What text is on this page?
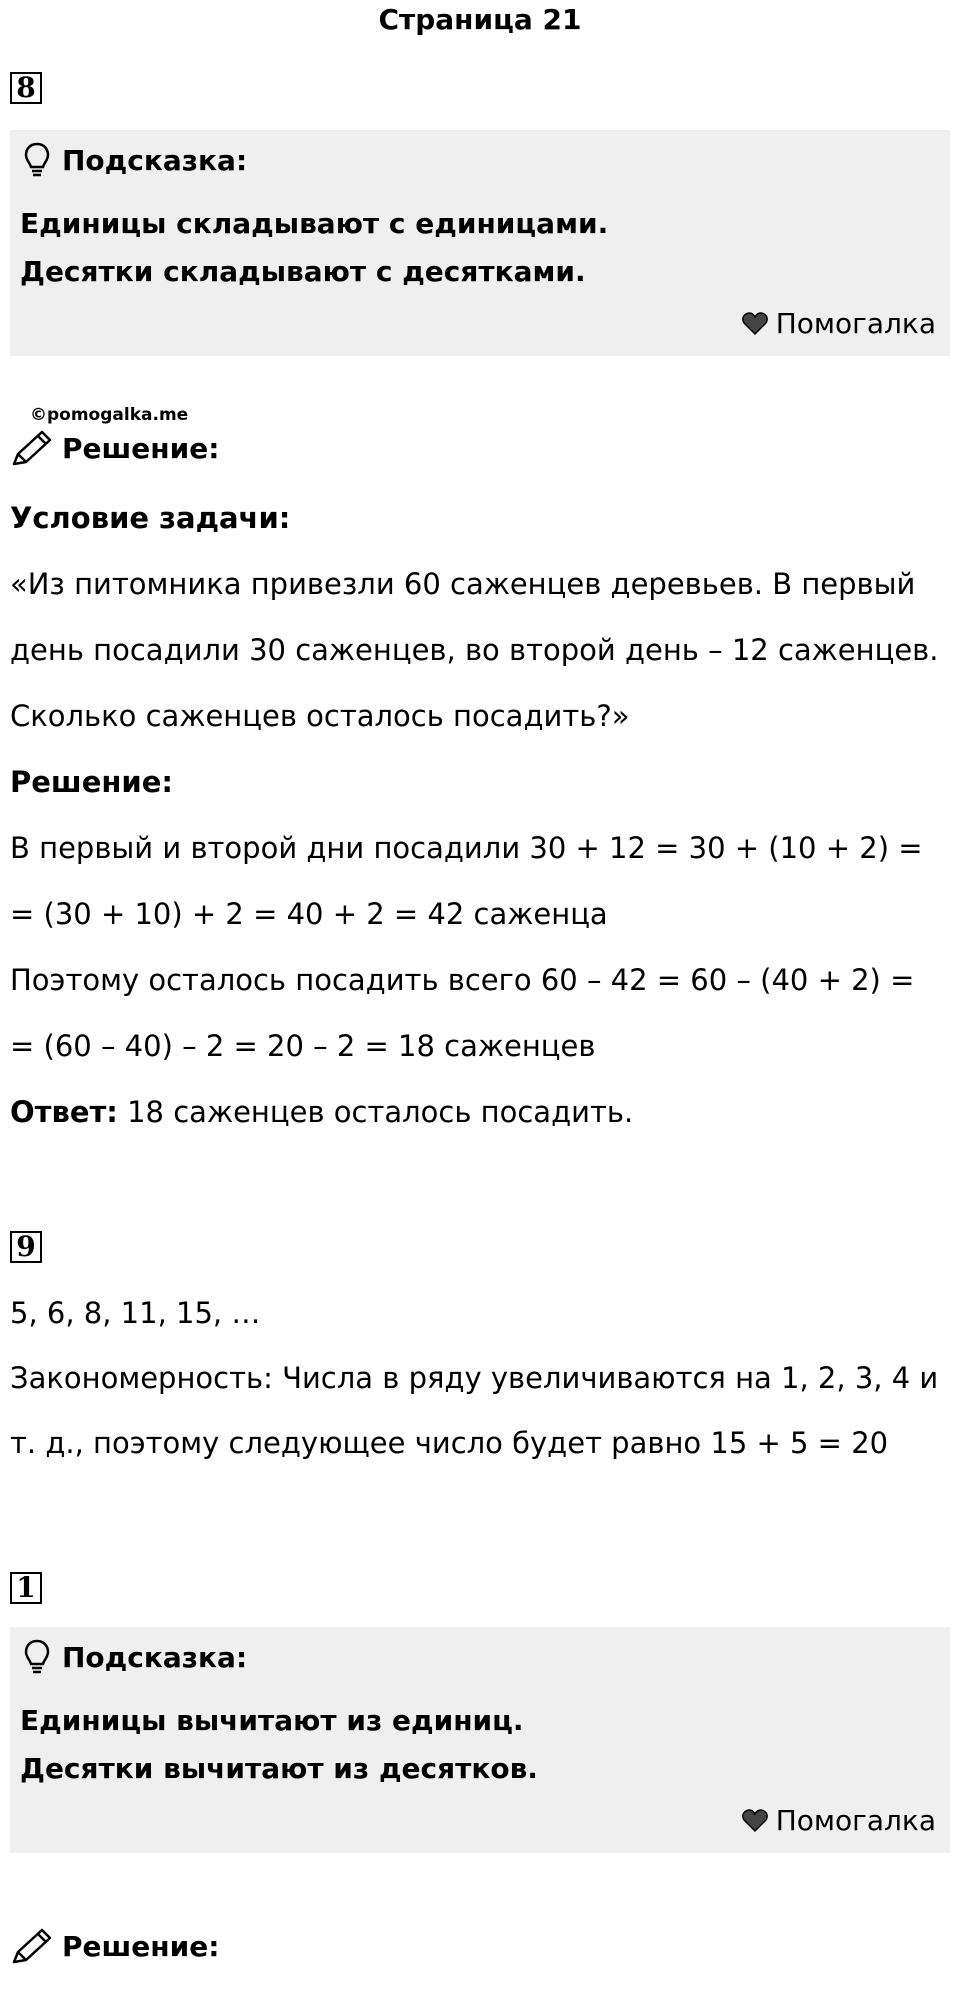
Страница 21
8
Подсказка:
Единицы складывают с единицами.
Десятки складывают с десятками.
Помогалка
©pomogalka.me
Решение:
Условие задачи:
«Из питомника привезли 60 саженцев деревьев. В первый
день посадили 30 саженцев, во второй день – 12 саженцев.
Сколько саженцев осталось посадить?»
Решение:
В первый и второй дни посадили 30 + 12 = 30 + (10 + 2) =
= (30 + 10) + 2 = 40 + 2 = 42 саженца
Поэтому осталось посадить всего 60 – 42 = 60 – (40 + 2) =
= (60 – 40) – 2 = 20 – 2 = 18 саженцев
Ответ: 18 саженцев осталось посадить.
9
5, 6, 8, 11, 15, …
Закономерность: Числа в ряду увеличиваются на 1, 2, 3, 4 и
т. д., поэтому следующее число будет равно 15 + 5 = 20
1
Подсказка:
Единицы вычитают из единиц.
Десятки вычитают из десятков.
Помогалка
Решение:
